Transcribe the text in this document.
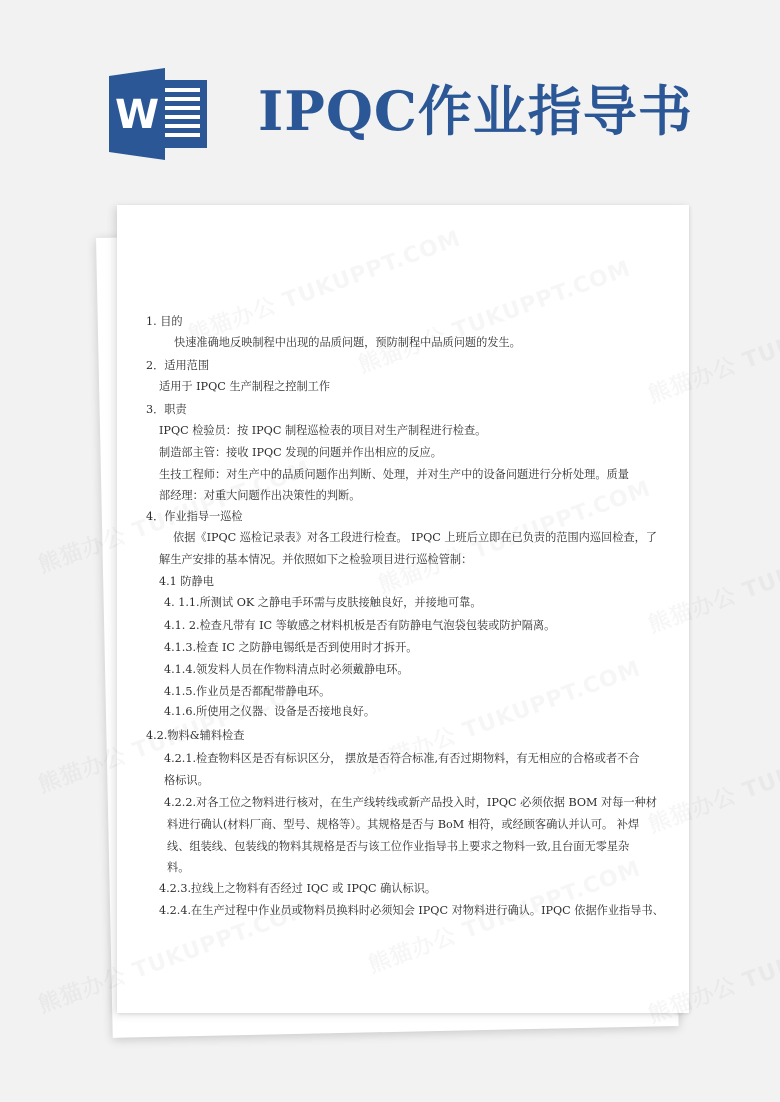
W IPQC作业指导书
1. 目的
快速准确地反映制程中出现的品质问题，预防制程中品质问题的发生。
2．适用范围
适用于 IPQC 生产制程之控制工作
3．职责
IPQC 检验员：按 IPQC 制程巡检表的项目对生产制程进行检查。
制造部主管：接收 IPQC 发现的问题并作出相应的反应。
生技工程师：对生产中的品质问题作出判断、处理，并对生产中的设备问题进行分析处理。质量
部经理：对重大问题作出决策性的判断。
4．作业指导一巡检
依据《IPQC 巡检记录表》对各工段进行检查。 IPQC 上班后立即在已负责的范围内巡回检查，了
解生产安排的基本情况。并依照如下之检验项目进行巡检管制：
4.1 防静电
4. 1.1.所测试 OK 之静电手环需与皮肤接触良好，并接地可靠。
4.1. 2.检查凡带有 IC 等敏感之材料机板是否有防静电气泡袋包装或防护隔离。
4.1.3.检查 IC 之防静电锡纸是否到使用时才拆开。
4.1.4.领发料人员在作物料清点时必须戴静电环。
4.1.5.作业员是否都配带静电环。
4.1.6.所使用之仪器、设备是否接地良好。
4.2.物料&辅料检查
4.2.1.检查物料区是否有标识区分， 摆放是否符合标准,有否过期物料，有无相应的合格或者不合
格标识。
4.2.2.对各工位之物料进行核对，在生产线转线或新产品投入时，IPQC 必须依据 BOM 对每一种材
料进行确认(材料厂商、型号、规格等）。其规格是否与 BoM 相符，或经顾客确认并认可。 补焊
线、组装线、包装线的物料其规格是否与该工位作业指导书上要求之物料一致,且台面无零星杂
料。
4.2.3.拉线上之物料有否经过 IQC 或 IPQC 确认标识。
4.2.4.在生产过程中作业员或物料员换料时必须知会 IPQC 对物料进行确认。IPQC 依据作业指导书、
